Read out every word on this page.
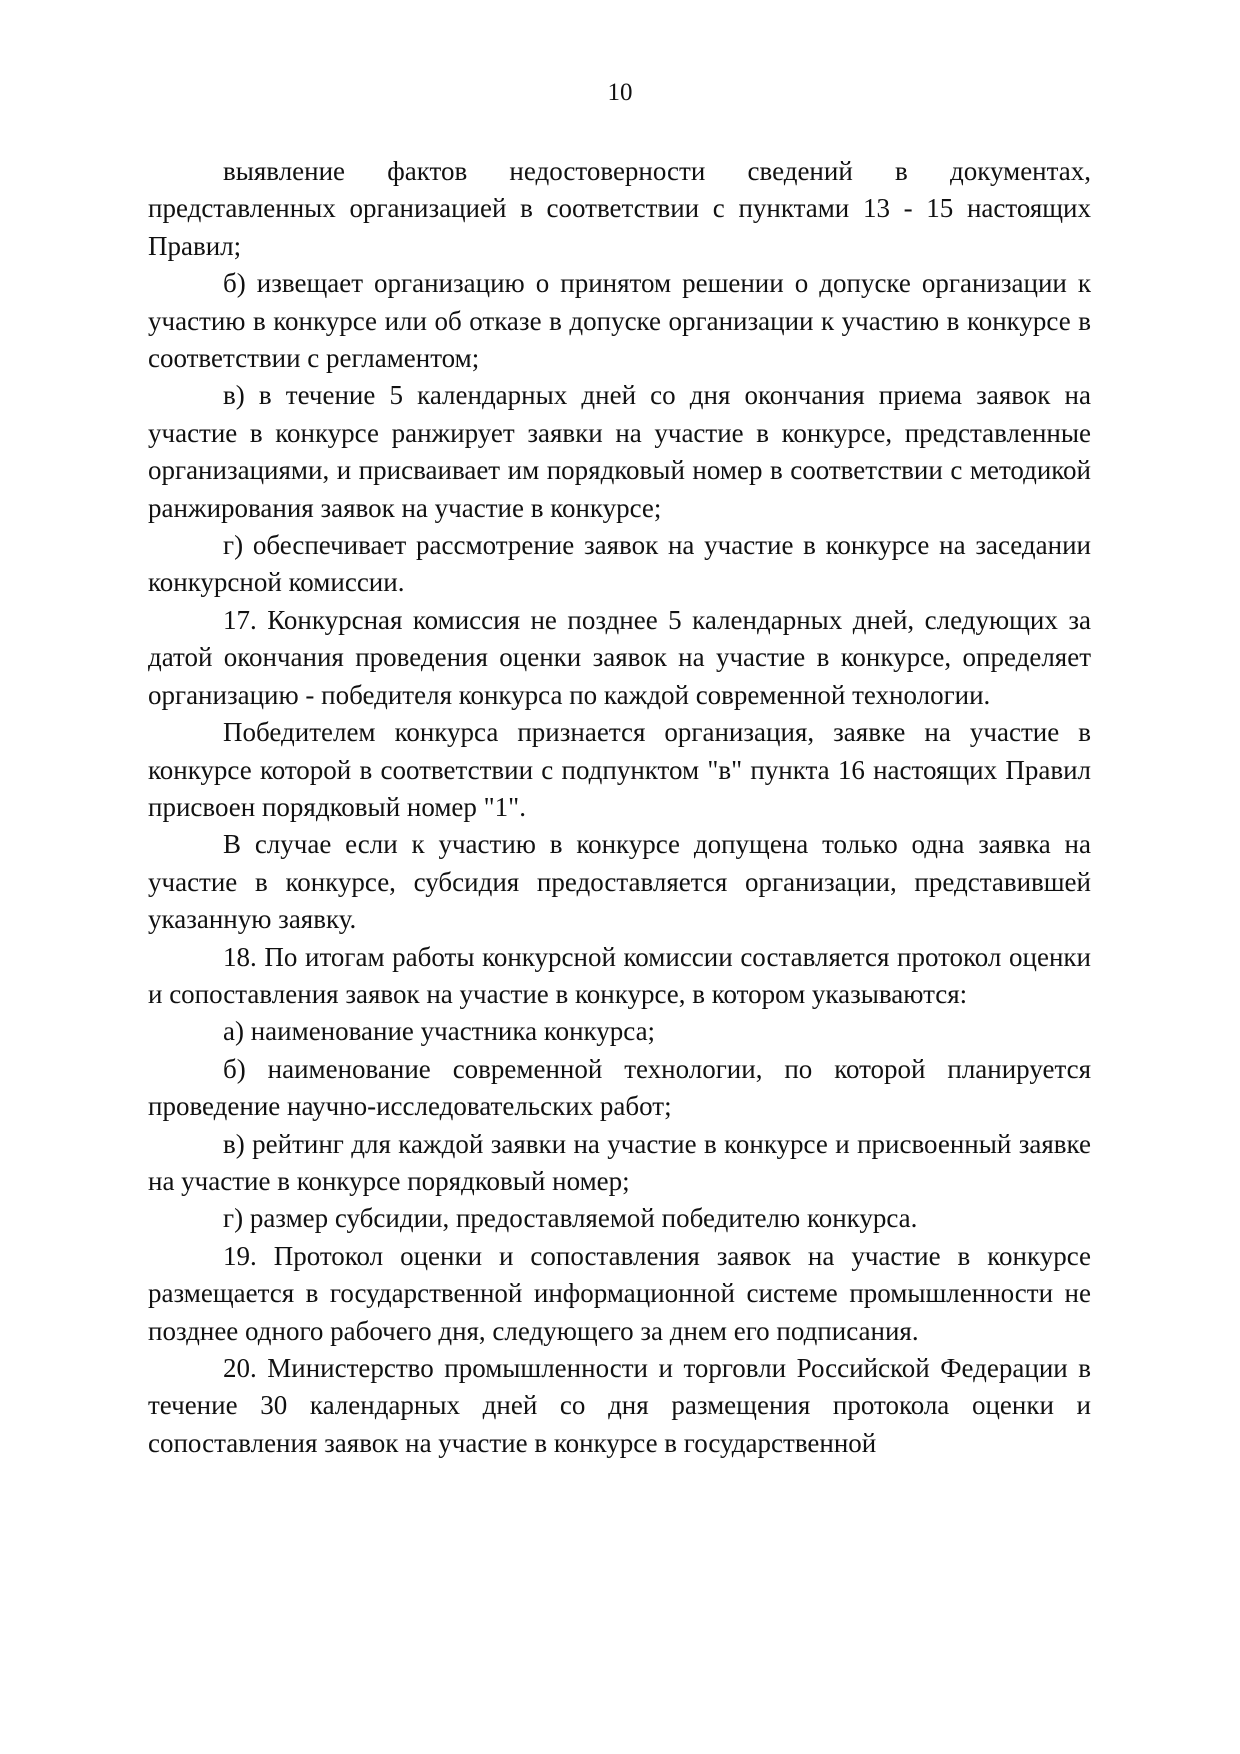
10

выявление фактов недостоверности сведений в документах, представленных организацией в соответствии с пунктами 13 - 15 настоящих Правил;

б) извещает организацию о принятом решении о допуске организации к участию в конкурсе или об отказе в допуске организации к участию в конкурсе в соответствии с регламентом;

в) в течение 5 календарных дней со дня окончания приема заявок на участие в конкурсе ранжирует заявки на участие в конкурсе, представленные организациями, и присваивает им порядковый номер в соответствии с методикой ранжирования заявок на участие в конкурсе;

г) обеспечивает рассмотрение заявок на участие в конкурсе на заседании конкурсной комиссии.

17. Конкурсная комиссия не позднее 5 календарных дней, следующих за датой окончания проведения оценки заявок на участие в конкурсе, определяет организацию - победителя конкурса по каждой современной технологии.

Победителем конкурса признается организация, заявке на участие в конкурсе которой в соответствии с подпунктом "в" пункта 16 настоящих Правил присвоен порядковый номер "1".

В случае если к участию в конкурсе допущена только одна заявка на участие в конкурсе, субсидия предоставляется организации, представившей указанную заявку.

18. По итогам работы конкурсной комиссии составляется протокол оценки и сопоставления заявок на участие в конкурсе, в котором указываются:

а) наименование участника конкурса;

б) наименование современной технологии, по которой планируется проведение научно-исследовательских работ;

в) рейтинг для каждой заявки на участие в конкурсе и присвоенный заявке на участие в конкурсе порядковый номер;

г) размер субсидии, предоставляемой победителю конкурса.

19. Протокол оценки и сопоставления заявок на участие в конкурсе размещается в государственной информационной системе промышленности не позднее одного рабочего дня, следующего за днем его подписания.

20. Министерство промышленности и торговли Российской Федерации в течение 30 календарных дней со дня размещения протокола оценки и сопоставления заявок на участие в конкурсе в государственной
